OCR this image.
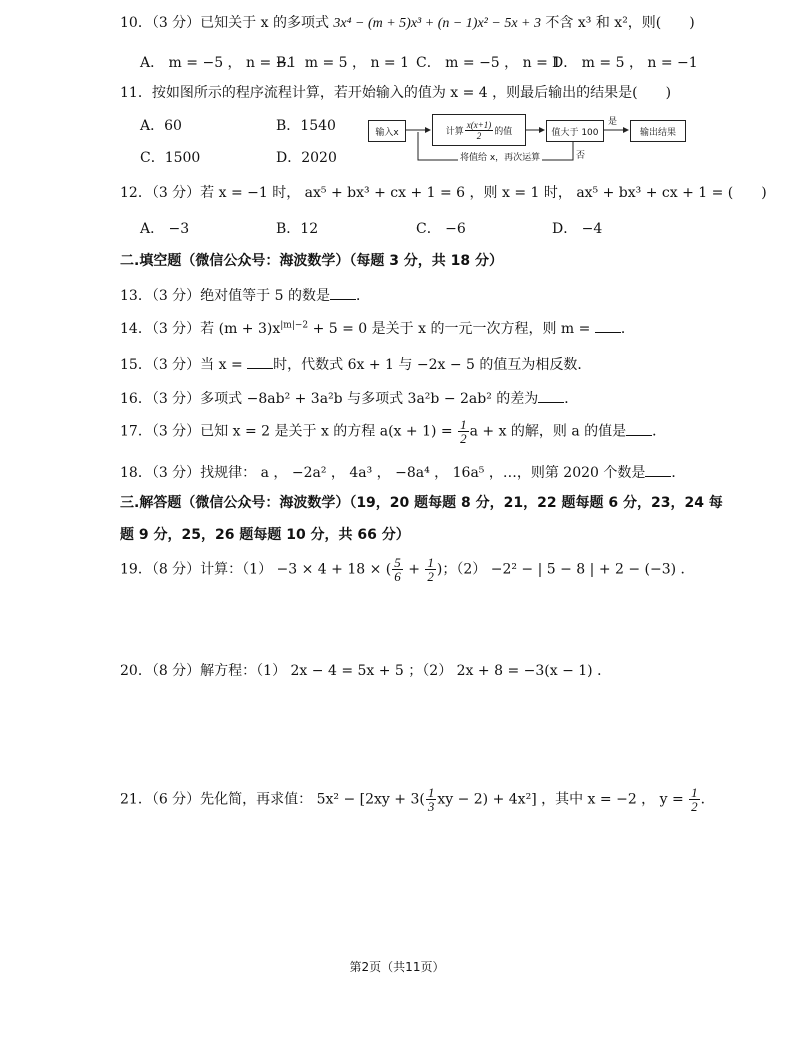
10．（3 分）已知关于 x 的多项式 3x⁴ − (m + 5)x³ + (n − 1)x² − 5x + 3 不含 x³ 和 x²，则(　　)
A． m = −5 ， n = −1
B． m = 5 ， n = 1 C． m = −5 ， n = 1
D． m = 5 ， n = −1
11．按如图所示的程序流程计算，若开始输入的值为 x = 4 ，则最后输出的结果是(　　)
A．60	B．1540
C．1500	D．2020
输入x	计算 $\frac{x(x+1)}{2}$ 的值	值大于 100	输出结果
是
否
将值给 x，再次运算
12．（3 分）若 x = −1 时， ax⁵ + bx³ + cx + 1 = 6 ，则 x = 1 时， ax⁵ + bx³ + cx + 1 = (　　)
A． −3	B．12	C． −6	D． −4
二.填空题（微信公众号：海波数学）（每题 3 分，共 18 分）
13．（3 分）绝对值等于 5 的数是 ．
14．（3 分）若 $(m + 3)x^{|m|-2} + 5 = 0$ 是关于 x 的一元一次方程，则 m = ．
15．（3 分）当 x = 时，代数式 6x + 1 与 −2x − 5 的值互为相反数．
16．（3 分）多项式 −8ab² + 3a²b 与多项式 3a²b − 2ab² 的差为 ．
17．（3 分）已知 x = 2 是关于 x 的方程 $a(x + 1) = \frac{1}{2}$ a + x 的解，则 a 的值是 ．
18．（3 分）找规律： a ， −2a² ， 4a³ ， −8a⁴ ， 16a⁵ ，…，则第 2020 个数是 ．
三.解答题（微信公众号：海波数学）（19，20 题每题 8 分，21，22 题每题 6 分，23，24 每
题 9 分，25，26 题每题 10 分，共 66 分）
19．（8 分）计算：（1） −3 × 4 + 18 × ( $\frac{5}{6} + \frac{1}{2}$ )；（2） −2² − | 5 − 8 | + 2 − (−3) ．
20．（8 分）解方程：（1） 2x − 4 = 5x + 5 ；（2） 2x + 8 = −3(x − 1) ．
21．（6 分）先化简，再求值： $5x^2 - [2xy + 3( \frac{1}{3}$ xy − 2) + 4x²] ，其中 x = −2 ， $y = \frac{1}{2}$ ．
第2页（共11页）
